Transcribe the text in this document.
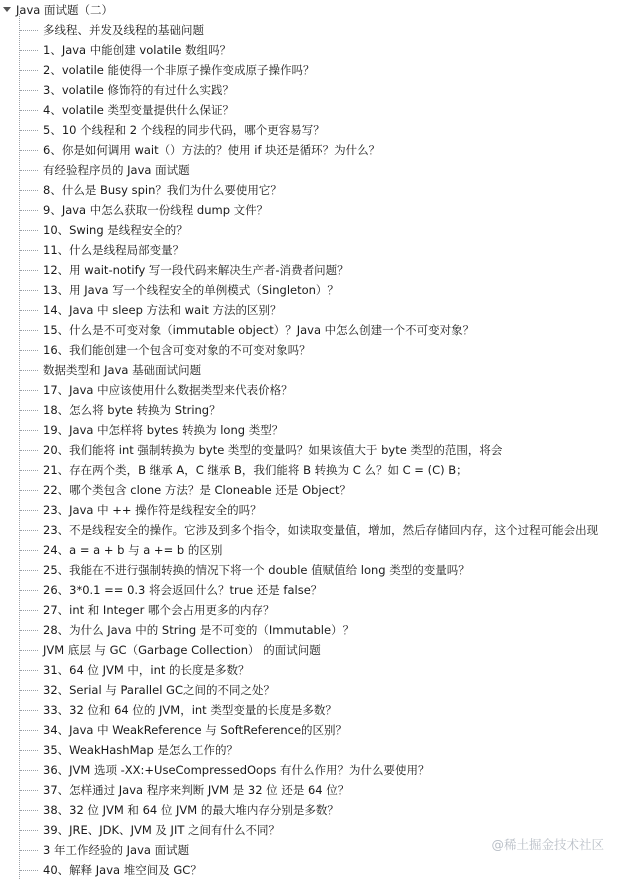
Java 面试题（二）
多线程、并发及线程的基础问题
1、Java 中能创建 volatile 数组吗？
2、volatile 能使得一个非原子操作变成原子操作吗？
3、volatile 修饰符的有过什么实践？
4、volatile 类型变量提供什么保证？
5、10 个线程和 2 个线程的同步代码，哪个更容易写？
6、你是如何调用 wait（）方法的？使用 if 块还是循环？为什么？
有经验程序员的 Java 面试题
8、什么是 Busy spin？我们为什么要使用它？
9、Java 中怎么获取一份线程 dump 文件？
10、Swing 是线程安全的？
11、什么是线程局部变量？
12、用 wait-notify 写一段代码来解决生产者-消费者问题？
13、用 Java 写一个线程安全的单例模式（Singleton）？
14、Java 中 sleep 方法和 wait 方法的区别？
15、什么是不可变对象（immutable object）？Java 中怎么创建一个不可变对象？
16、我们能创建一个包含可变对象的不可变对象吗？
数据类型和 Java 基础面试问题
17、Java 中应该使用什么数据类型来代表价格？
18、怎么将 byte 转换为 String？
19、Java 中怎样将 bytes 转换为 long 类型？
20、我们能将 int 强制转换为 byte 类型的变量吗？如果该值大于 byte 类型的范围，将会
21、存在两个类，B 继承 A，C 继承 B，我们能将 B 转换为 C 么？如 C = (C) B；
22、哪个类包含 clone 方法？是 Cloneable 还是 Object？
23、Java 中 ++ 操作符是线程安全的吗？
23、不是线程安全的操作。它涉及到多个指令，如读取变量值，增加，然后存储回内存，这个过程可能会出现
24、a = a + b 与 a += b 的区别
25、我能在不进行强制转换的情况下将一个 double 值赋值给 long 类型的变量吗？
26、3*0.1 == 0.3 将会返回什么？true 还是 false？
27、int 和 Integer 哪个会占用更多的内存？
28、为什么 Java 中的 String 是不可变的（Immutable）？
JVM 底层 与 GC（Garbage Collection） 的面试问题
31、64 位 JVM 中，int 的长度是多数？
32、Serial 与 Parallel GC之间的不同之处？
33、32 位和 64 位的 JVM，int 类型变量的长度是多数？
34、Java 中 WeakReference 与 SoftReference的区别？
35、WeakHashMap 是怎么工作的？
36、JVM 选项 -XX:+UseCompressedOops 有什么作用？为什么要使用？
37、怎样通过 Java 程序来判断 JVM 是 32 位 还是 64 位？
38、32 位 JVM 和 64 位 JVM 的最大堆内存分别是多数？
39、JRE、JDK、JVM 及 JIT 之间有什么不同？
3 年工作经验的 Java 面试题
40、解释 Java 堆空间及 GC？
@稀土掘金技术社区
